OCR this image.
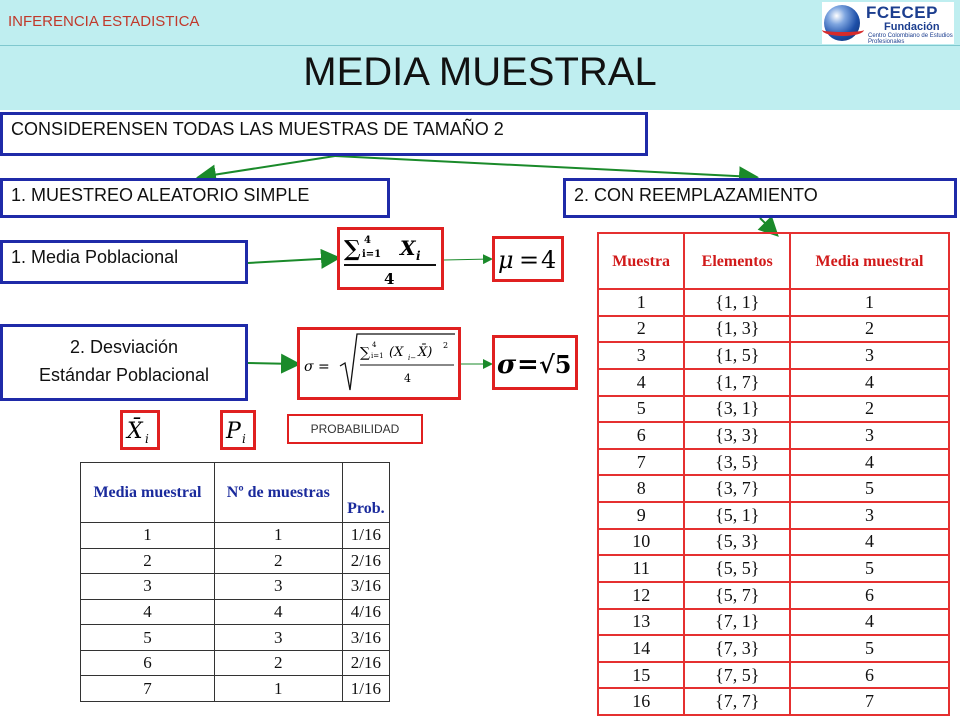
INFERENCIA ESTADISTICA	FCECEP
Fundación
Centro Colombiano de Estudios Profesionales
MEDIA MUESTRAL
CONSIDERENSEN TODAS LAS MUESTRAS DE TAMAÑO 2
1. MUESTREO ALEATORIO SIMPLE	2. CON REEMPLAZAMIENTO
1. Media Poblacional
2. Desviación
Estándar Poblacional
∑ 4
i=1 X i
4
μ = 4
σ =
∑ 4
i=1 (X i− X̄) 2
4	σ = √5
X̄ i	P i
PROBABILIDAD
Media muestral	Nº de muestras	Prob.
1	1	1/16
2	2	2/16
3	3	3/16
4	4	4/16
5	3	3/16
6	2	2/16
7	1	1/16
Muestra	Elementos	Media muestral
1	{1, 1}	1
2	{1, 3}	2
3	{1, 5}	3
4	{1, 7}	4
5	{3, 1}	2
6	{3, 3}	3
7	{3, 5}	4
8	{3, 7}	5
9	{5, 1}	3
10	{5, 3}	4
11	{5, 5}	5
12	{5, 7}	6
13	{7, 1}	4
14	{7, 3}	5
15	{7, 5}	6
16	{7, 7}	7
